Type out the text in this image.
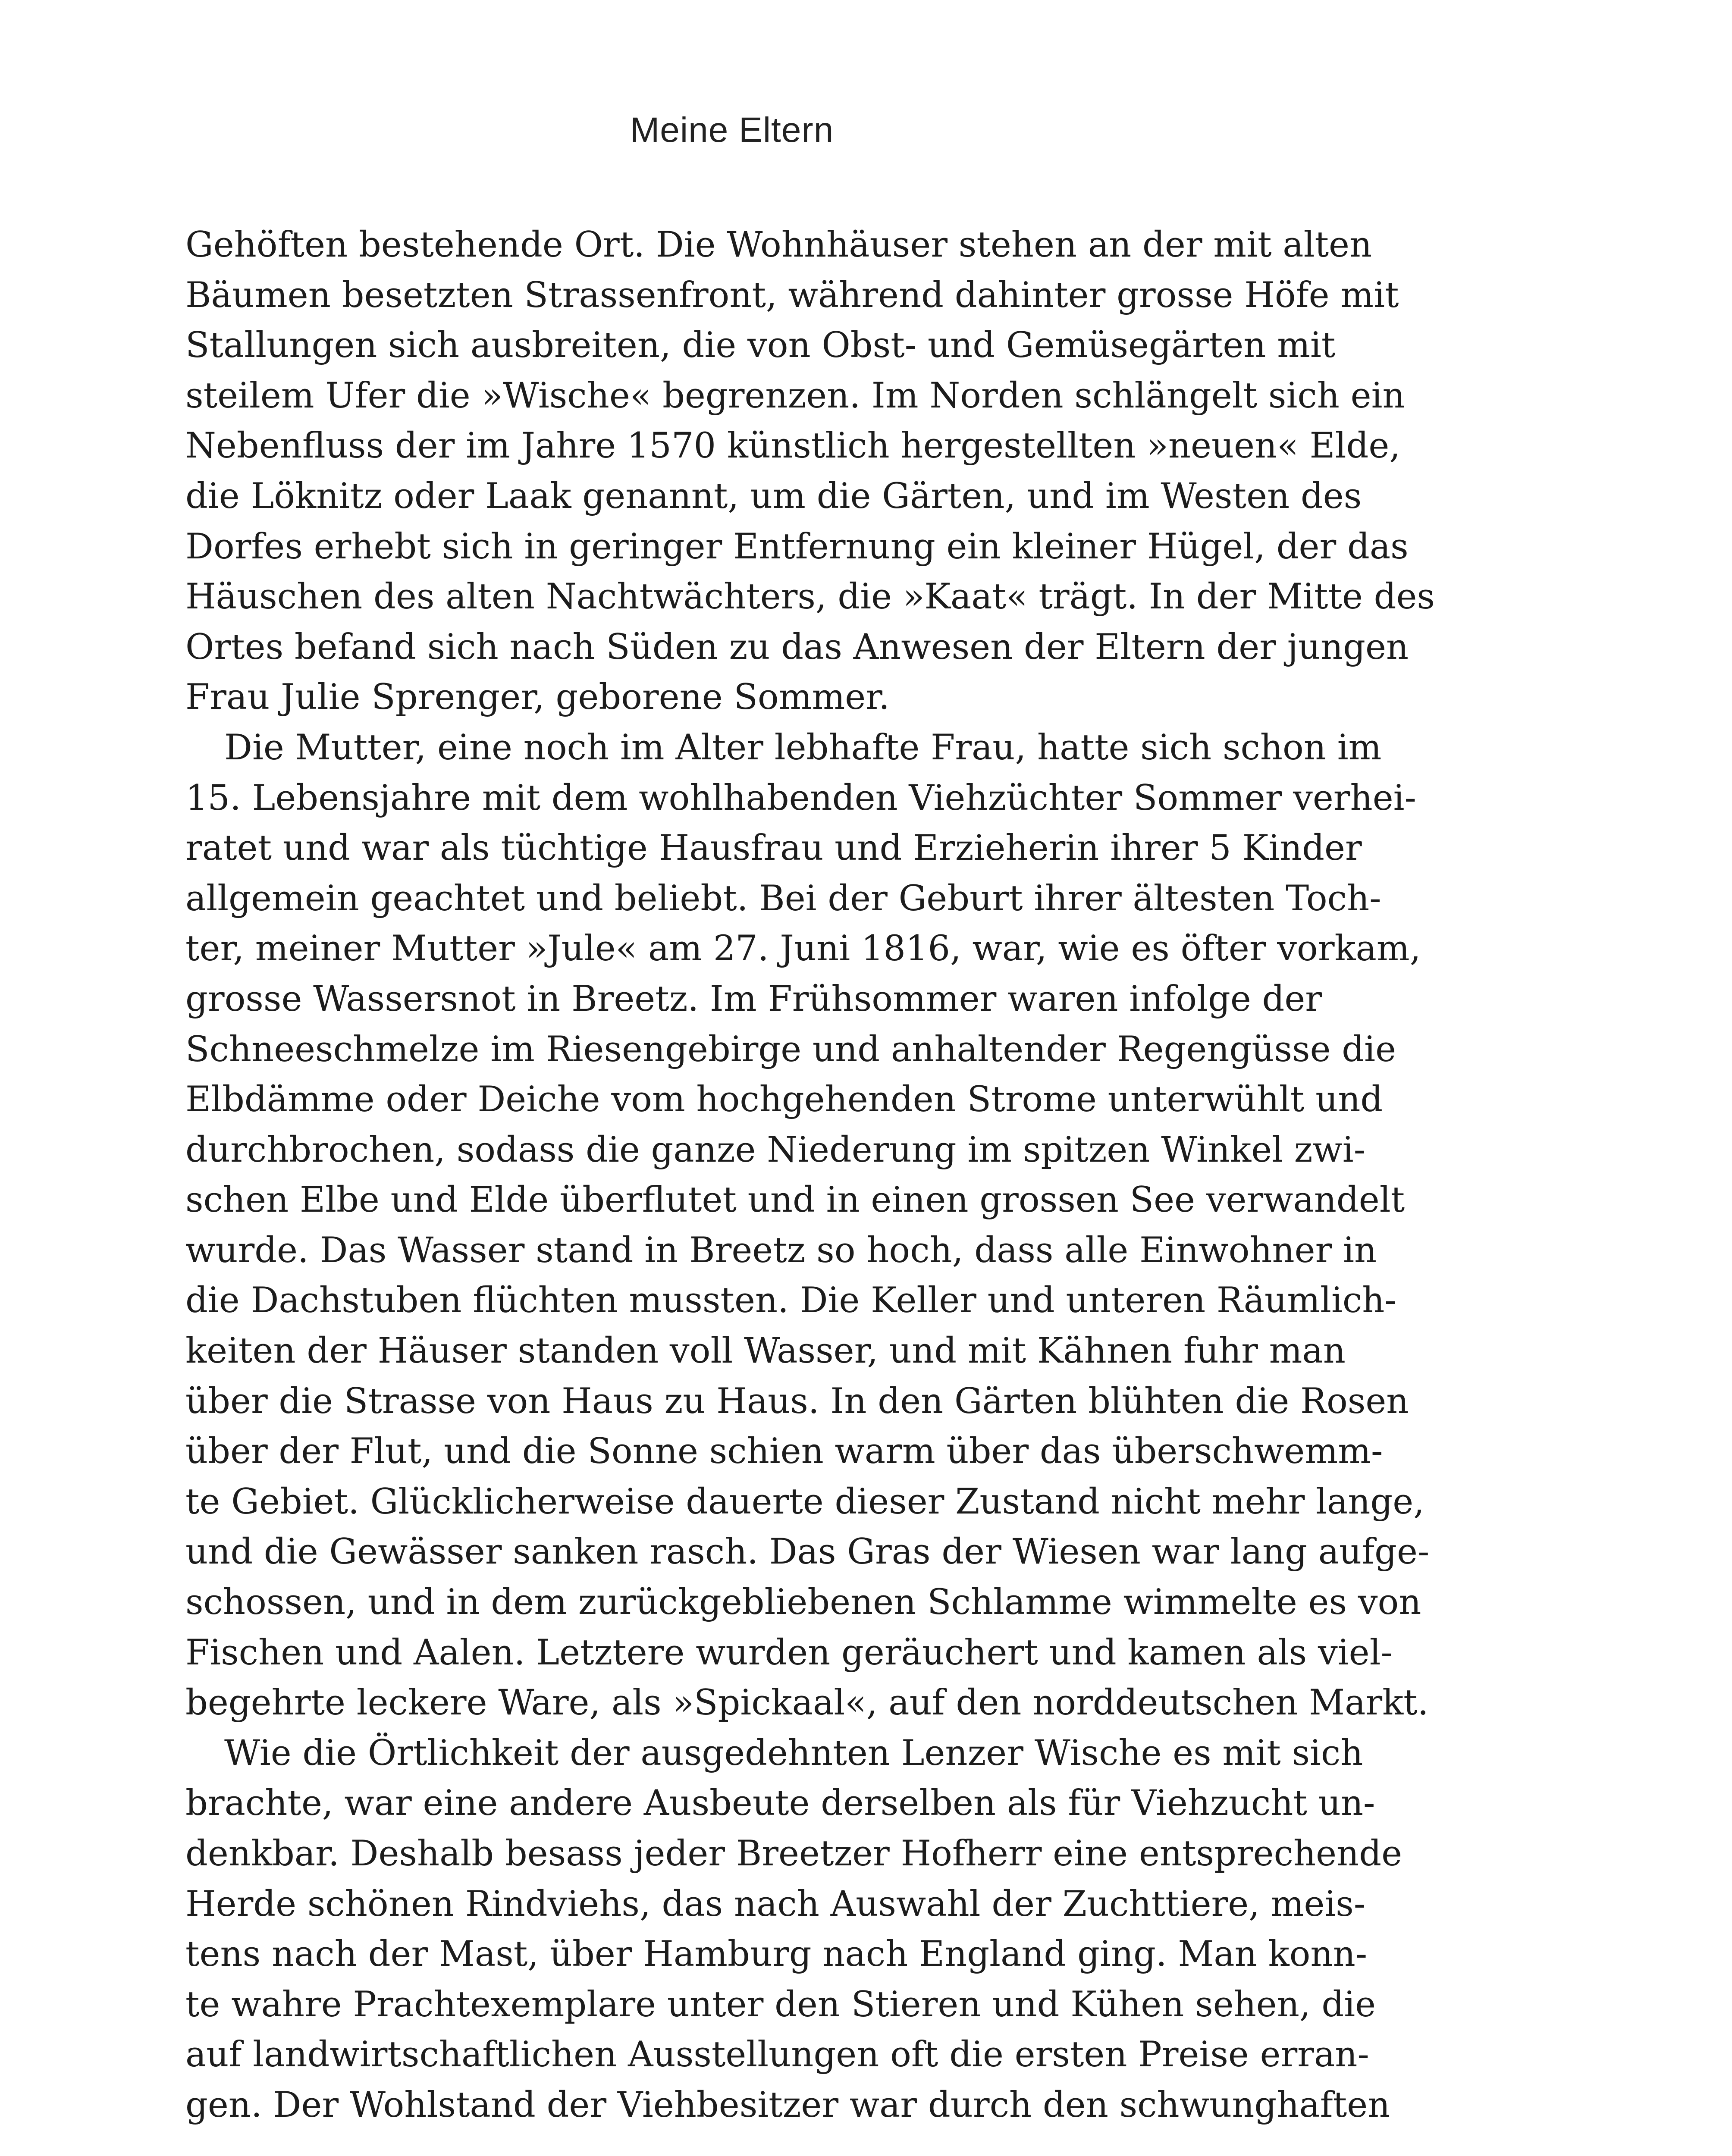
Meine Eltern
Gehöften bestehende Ort. Die Wohnhäuser stehen an der mit alten
Bäumen besetzten Strassenfront, während dahinter grosse Höfe mit
Stallungen sich ausbreiten, die von Obst- und Gemüsegärten mit
steilem Ufer die »Wische« begrenzen. Im Norden schlängelt sich ein
Nebenfluss der im Jahre 1570 künstlich hergestellten »neuen« Elde,
die Löknitz oder Laak genannt, um die Gärten, und im Westen des
Dorfes erhebt sich in geringer Entfernung ein kleiner Hügel, der das
Häuschen des alten Nachtwächters, die »Kaat« trägt. In der Mitte des
Ortes befand sich nach Süden zu das Anwesen der Eltern der jungen
Frau Julie Sprenger, geborene Sommer.
Die Mutter, eine noch im Alter lebhafte Frau, hatte sich schon im
15. Lebensjahre mit dem wohlhabenden Viehzüchter Sommer verhei-
ratet und war als tüchtige Hausfrau und Erzieherin ihrer 5 Kinder
allgemein geachtet und beliebt. Bei der Geburt ihrer ältesten Toch-
ter, meiner Mutter »Jule« am 27. Juni 1816, war, wie es öfter vorkam,
grosse Wassersnot in Breetz. Im Frühsommer waren infolge der
Schneeschmelze im Riesengebirge und anhaltender Regengüsse die
Elbdämme oder Deiche vom hochgehenden Strome unterwühlt und
durchbrochen, sodass die ganze Niederung im spitzen Winkel zwi-
schen Elbe und Elde überflutet und in einen grossen See verwandelt
wurde. Das Wasser stand in Breetz so hoch, dass alle Einwohner in
die Dachstuben flüchten mussten. Die Keller und unteren Räumlich-
keiten der Häuser standen voll Wasser, und mit Kähnen fuhr man
über die Strasse von Haus zu Haus. In den Gärten blühten die Rosen
über der Flut, und die Sonne schien warm über das überschwemm-
te Gebiet. Glücklicherweise dauerte dieser Zustand nicht mehr lange,
und die Gewässer sanken rasch. Das Gras der Wiesen war lang aufge-
schossen, und in dem zurückgebliebenen Schlamme wimmelte es von
Fischen und Aalen. Letztere wurden geräuchert und kamen als viel-
begehrte leckere Ware, als »Spickaal«, auf den norddeutschen Markt.
Wie die Örtlichkeit der ausgedehnten Lenzer Wische es mit sich
brachte, war eine andere Ausbeute derselben als für Viehzucht un-
denkbar. Deshalb besass jeder Breetzer Hofherr eine entsprechende
Herde schönen Rindviehs, das nach Auswahl der Zuchttiere, meis-
tens nach der Mast, über Hamburg nach England ging. Man konn-
te wahre Prachtexemplare unter den Stieren und Kühen sehen, die
auf landwirtschaftlichen Ausstellungen oft die ersten Preise erran-
gen. Der Wohlstand der Viehbesitzer war durch den schwunghaften
